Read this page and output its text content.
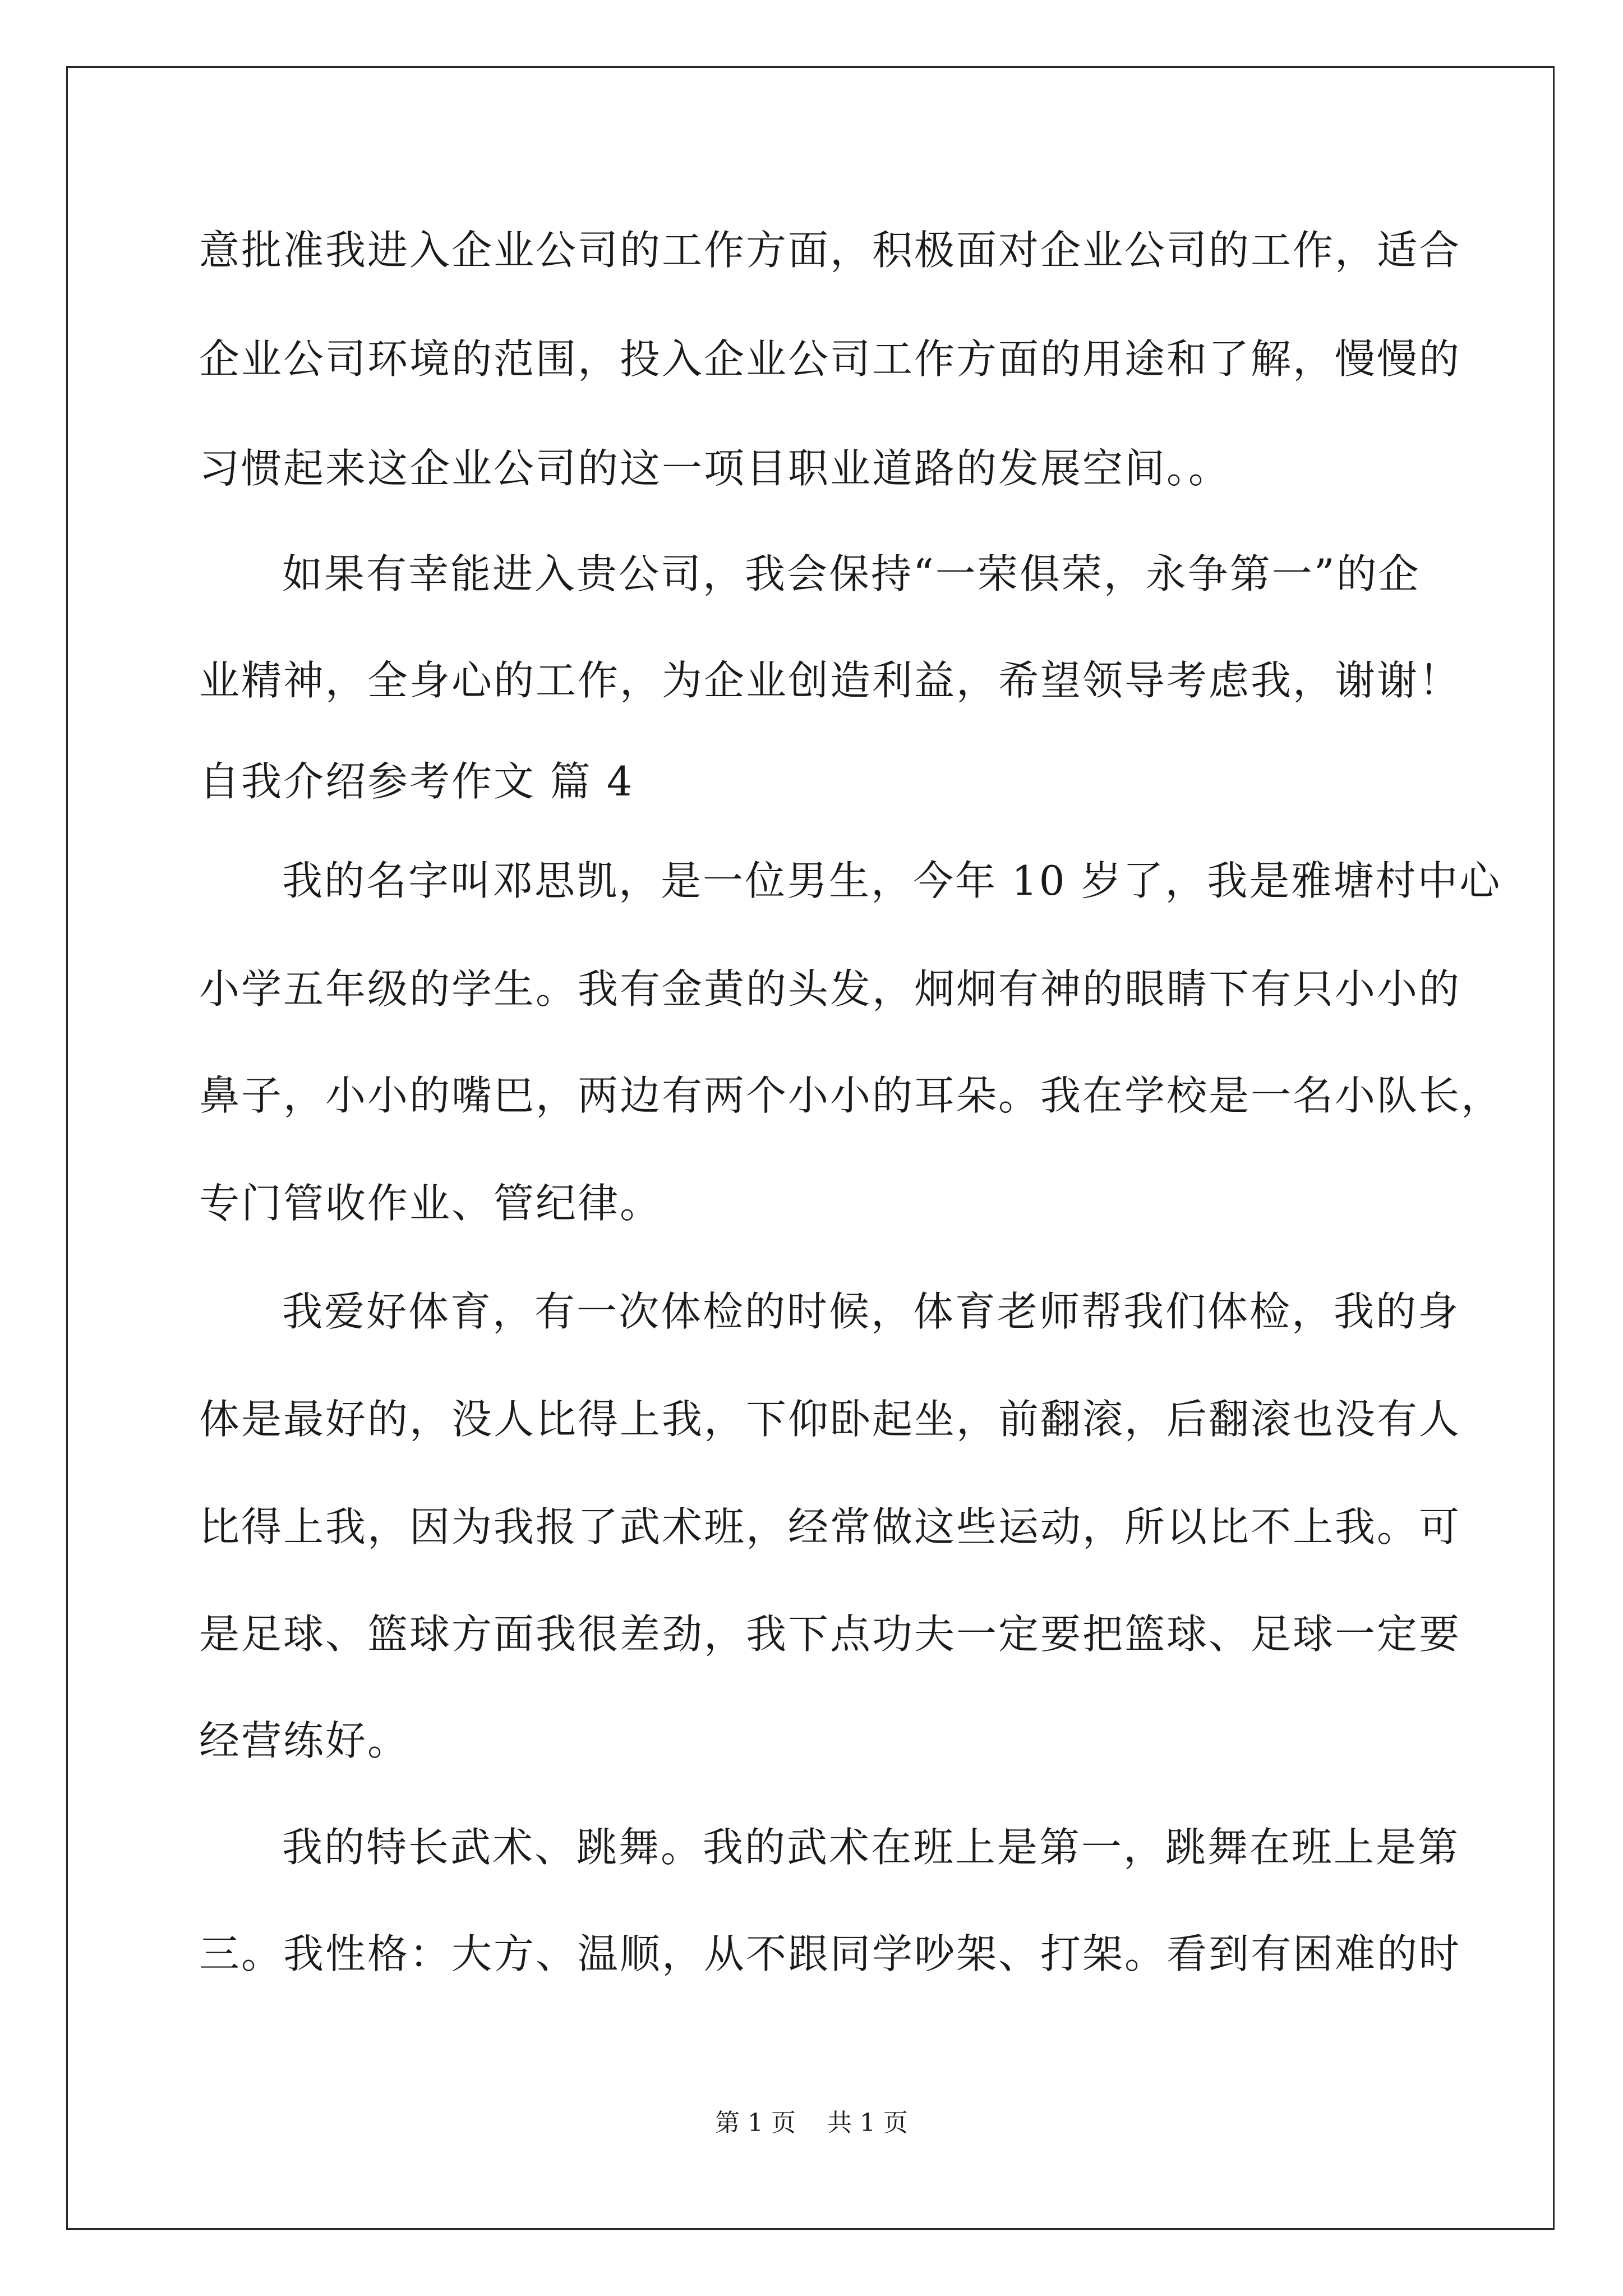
意批准我进入企业公司的工作方面，积极面对企业公司的工作，适合
企业公司环境的范围，投入企业公司工作方面的用途和了解，慢慢的
习惯起来这企业公司的这一项目职业道路的发展空间。。
如果有幸能进入贵公司，我会保持“一荣俱荣，永争第一”的企
业精神，全身心的工作，为企业创造利益，希望领导考虑我，谢谢！
自我介绍参考作文 篇 4
我的名字叫邓思凯，是一位男生，今年 10 岁了，我是雅塘村中心
小学五年级的学生。我有金黄的头发，炯炯有神的眼睛下有只小小的
鼻子，小小的嘴巴，两边有两个小小的耳朵。我在学校是一名小队长，
专门管收作业、管纪律。
我爱好体育，有一次体检的时候，体育老师帮我们体检，我的身
体是最好的，没人比得上我，下仰卧起坐，前翻滚，后翻滚也没有人
比得上我，因为我报了武术班，经常做这些运动，所以比不上我。可
是足球、篮球方面我很差劲，我下点功夫一定要把篮球、足球一定要
经营练好。
我的特长武术、跳舞。我的武术在班上是第一，跳舞在班上是第
三。我性格：大方、温顺，从不跟同学吵架、打架。看到有困难的时
第 1 页    共 1 页
